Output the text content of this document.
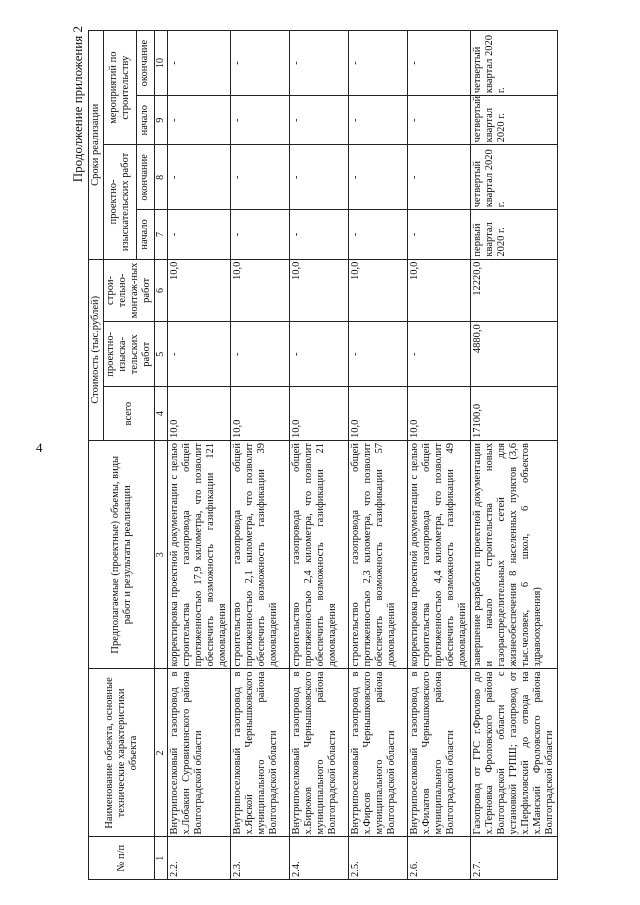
4
Продолжение приложения 2
№ п/п	Наименование объекта, основные технические характеристики объекта	Предполагаемые (проектные) объемы, виды работ и результаты реализации	Стоимость (тыс.рублей)			Сроки реализации			
			всего	проектно-изыска-тельских работ	строи-тельно-монтаж-ных работ	проектно-изыскательских работ		мероприятий по строительству	
						начало	окончание	начало	окончание
1	2	3	4	5	6	7	8	9	10
2.2.	Внутрипоселковый газопровод в х.Лобакин Суровикинского района Волгоградской области	корректировка проектной документации с целью строительства газопровода общей протяженностью 17,9 километра, что позволит обеспечить возможность газификации 121 домовладения	10,0	-	10,0	-	-	-	-
2.3.	Внутрипоселковый газопровод в х.Ярской Чернышковского муниципального района Волгоградской области	строительство газопровода общей протяженностью 2,1 километра, что позволит обеспечить возможность газификации 39 домовладений	10,0	-	10,0	-	-	-	-
2.4.	Внутрипоселковый газопровод в х.Бирюков Чернышковского муниципального района Волгоградской области	строительство газопровода общей протяженностью 2,4 километра, что позволит обеспечить возможность газификации 21 домовладения	10,0	-	10,0	-	-	-	-
2.5.	Внутрипоселковый газопровод в х.Фирсов Чернышковского муниципального района Волгоградской области	строительство газопровода общей протяженностью 2,3 километра, что позволит обеспечить возможность газификации 57 домовладений	10,0	-	10,0	-	-	-	-
2.6.	Внутрипоселковый газопровод в х.Филатов Чернышковского муниципального района Волгоградской области	корректировка проектной документации с целью строительства газопровода общей протяженностью 4,4 километра, что позволит обеспечить возможность газификации 49 домовладений	10,0	-	10,0	-	-	-	-
2.7.	Газопровод от ГРС г.Фролово до х.Терновка Фроловского района Волгоградской области с установкой ГРПШ; газопровод от х.Перфиловский до отвода на х.Манский Фроловского района Волгоградской области	завершение разработки проектной документации и начало строительства новых газораспределительных сетей для жизнеобеспечения 8 населенных пунктов (3,6 тыс.человек, 6 школ, 6 объектов здравоохранения)	17100,0	4880,0	12220,0	первый квартал 2020 г.	четвертый квартал 2020 г.	четвертый квартал 2020 г.	четвертый квартал 2020 г.
